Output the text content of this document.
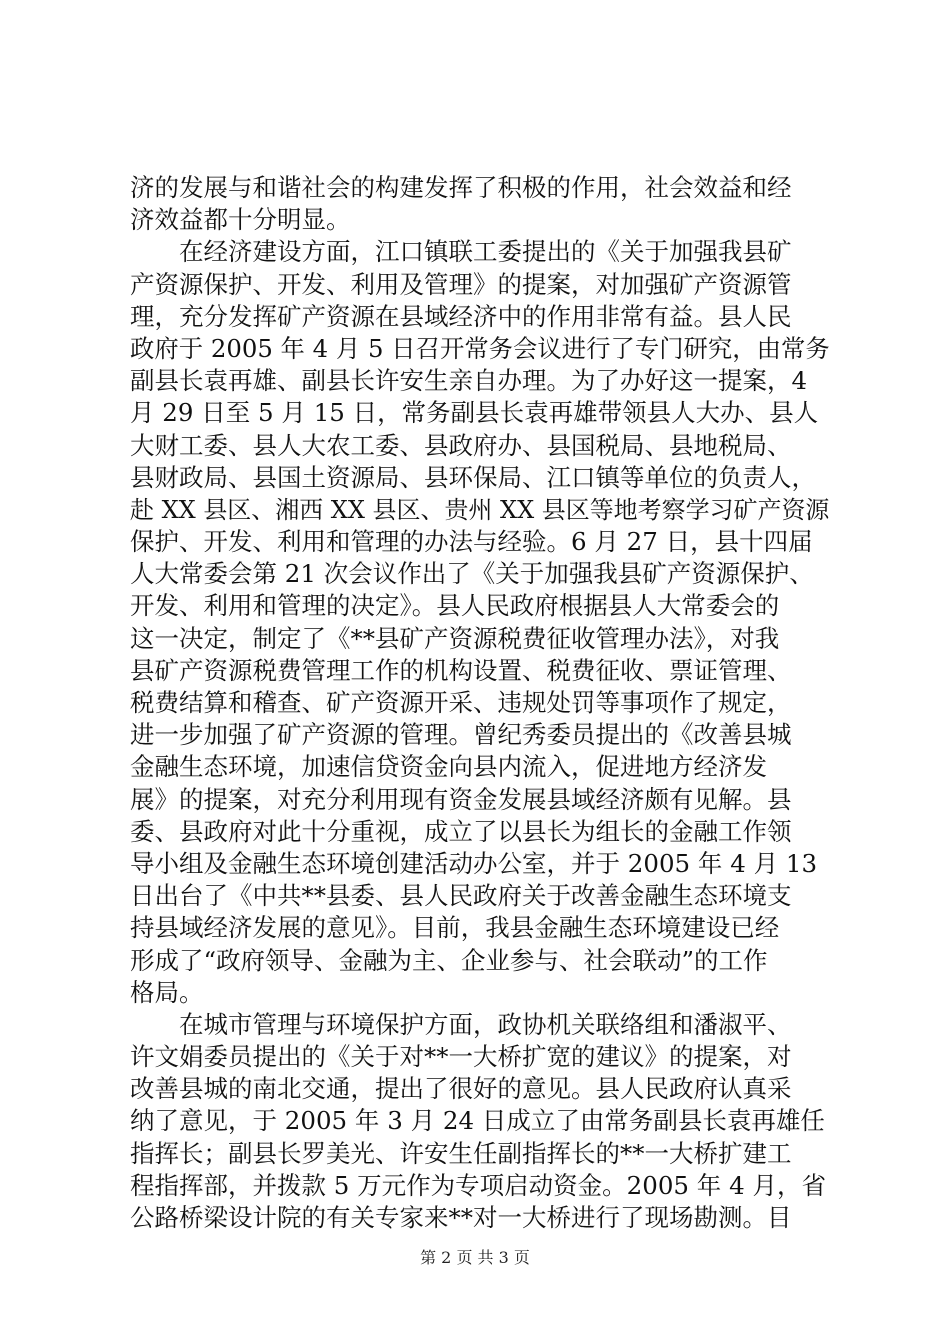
济的发展与和谐社会的构建发挥了积极的作用，社会效益和经
济效益都十分明显。
　　在经济建设方面，江口镇联工委提出的《关于加强我县矿
产资源保护、开发、利用及管理》的提案，对加强矿产资源管
理，充分发挥矿产资源在县域经济中的作用非常有益。县人民
政府于 2005 年 4 月 5 日召开常务会议进行了专门研究，由常务
副县长袁再雄、副县长许安生亲自办理。为了办好这一提案，4
月 29 日至 5 月 15 日，常务副县长袁再雄带领县人大办、县人
大财工委、县人大农工委、县政府办、县国税局、县地税局、
县财政局、县国土资源局、县环保局、江口镇等单位的负责人，
赴 XX 县区、湘西 XX 县区、贵州 XX 县区等地考察学习矿产资源
保护、开发、利用和管理的办法与经验。6 月 27 日，县十四届
人大常委会第 21 次会议作出了《关于加强我县矿产资源保护、
开发、利用和管理的决定》。县人民政府根据县人大常委会的
这一决定，制定了《**县矿产资源税费征收管理办法》，对我
县矿产资源税费管理工作的机构设置、税费征收、票证管理、
税费结算和稽查、矿产资源开采、违规处罚等事项作了规定，
进一步加强了矿产资源的管理。曾纪秀委员提出的《改善县城
金融生态环境，加速信贷资金向县内流入，促进地方经济发
展》的提案，对充分利用现有资金发展县域经济颇有见解。县
委、县政府对此十分重视，成立了以县长为组长的金融工作领
导小组及金融生态环境创建活动办公室，并于 2005 年 4 月 13
日出台了《中共**县委、县人民政府关于改善金融生态环境支
持县域经济发展的意见》。目前，我县金融生态环境建设已经
形成了“政府领导、金融为主、企业参与、社会联动”的工作
格局。
　　在城市管理与环境保护方面，政协机关联络组和潘淑平、
许文娟委员提出的《关于对**一大桥扩宽的建议》的提案，对
改善县城的南北交通，提出了很好的意见。县人民政府认真采
纳了意见，于 2005 年 3 月 24 日成立了由常务副县长袁再雄任
指挥长；副县长罗美光、许安生任副指挥长的**一大桥扩建工
程指挥部，并拨款 5 万元作为专项启动资金。2005 年 4 月，省
公路桥梁设计院的有关专家来**对一大桥进行了现场勘测。目
第 2 页 共 3 页
